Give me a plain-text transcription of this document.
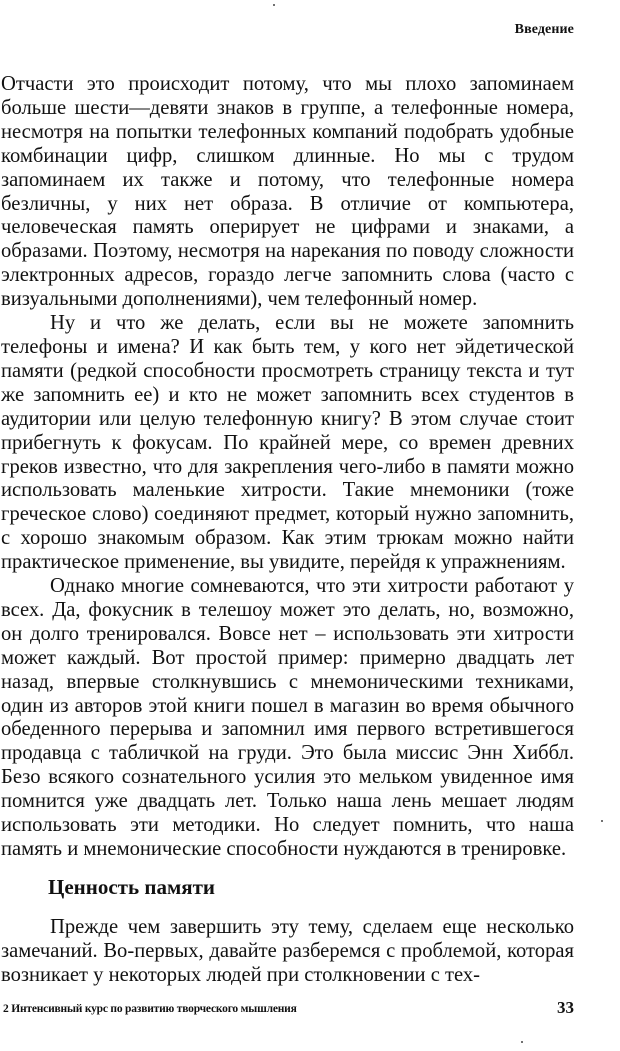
Введение

Отчасти это происходит потому, что мы плохо запоминаем больше шести—девяти знаков в группе, а телефонные номера, несмотря на попытки телефонных компаний подобрать удобные комбинации цифр, слишком длинные. Но мы с трудом запоминаем их также и потому, что телефонные номера безличны, у них нет образа. В отличие от компьютера, человеческая память оперирует не цифрами и знаками, а образами. Поэтому, несмотря на нарекания по поводу сложности электронных адресов, гораздо легче запомнить слова (часто с визуальными дополнениями), чем телефонный номер.

Ну и что же делать, если вы не можете запомнить телефоны и имена? И как быть тем, у кого нет эйдетической памяти (редкой способности просмотреть страницу текста и тут же запомнить ее) и кто не может запомнить всех студентов в аудитории или целую телефонную книгу? В этом случае стоит прибегнуть к фокусам. По крайней мере, со времен древних греков известно, что для закрепления чего-либо в памяти можно использовать маленькие хитрости. Такие мнемоники (тоже греческое слово) соединяют предмет, который нужно запомнить, с хорошо знакомым образом. Как этим трюкам можно найти практическое применение, вы увидите, перейдя к упражнениям.

Однако многие сомневаются, что эти хитрости работают у всех. Да, фокусник в телешоу может это делать, но, возможно, он долго тренировался. Вовсе нет – использовать эти хитрости может каждый. Вот простой пример: примерно двадцать лет назад, впервые столкнувшись с мнемоническими техниками, один из авторов этой книги пошел в магазин во время обычного обеденного перерыва и запомнил имя первого встретившегося продавца с табличкой на груди. Это была миссис Энн Хиббл. Безо всякого сознательного усилия это мельком увиденное имя помнится уже двадцать лет. Только наша лень мешает людям использовать эти методики. Но следует помнить, что наша память и мнемонические способности нуждаются в тренировке.

Ценность памяти

Прежде чем завершить эту тему, сделаем еще несколько замечаний. Во-первых, давайте разберемся с проблемой, которая возникает у некоторых людей при столкновении с тех-

2 Интенсивный курс по развитию творческого мышления	33
